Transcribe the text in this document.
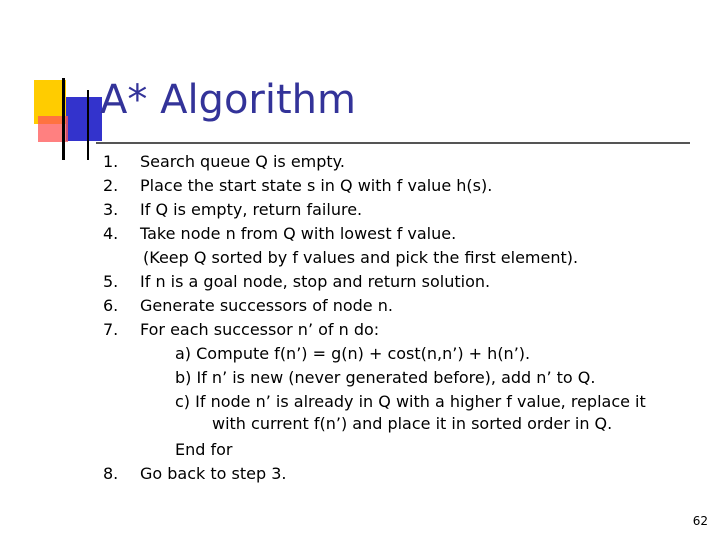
A* Algorithm
1. Search queue Q is empty.
2. Place the start state s in Q with f value h(s).
3. If Q is empty, return failure.
4. Take node n from Q with lowest f value.
(Keep Q sorted by f values and pick the first element).
5. If n is a goal node, stop and return solution.
6. Generate successors of node n.
7. For each successor n’ of n do:
a) Compute f(n’) = g(n) + cost(n,n’) + h(n’).
b) If n’ is new (never generated before), add n’ to Q.
c) If node n’ is already in Q with a higher f value, replace it
with current f(n’) and place it in sorted order in Q.
End for
8. Go back to step 3.
62
